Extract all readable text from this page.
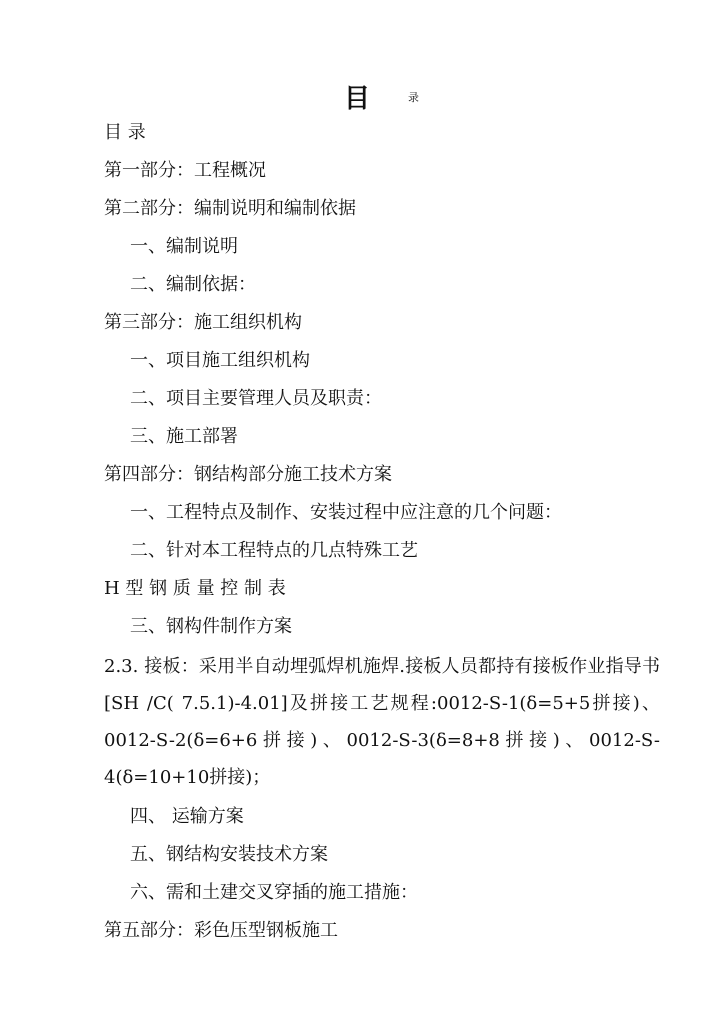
目	$^录$
目 录
第一部分：工程概况
第二部分：编制说明和编制依据
一、编制说明
二、编制依据：
第三部分：施工组织机构
一、项目施工组织机构
二、项目主要管理人员及职责：
三、施工部署
第四部分：钢结构部分施工技术方案
一、工程特点及制作、安装过程中应注意的几个问题：
二、针对本工程特点的几点特殊工艺
H 型 钢 质 量 控 制 表
三、钢构件制作方案
2.3. 接板：采用半自动埋弧焊机施焊.接板人员都持有接板作业指导书[SH /C( 7.5.1)-4.01]及拼接工艺规程:0012-S-1(δ=5+5拼接)、0012-S-2(δ=6+6拼接)、0012-S-3(δ=8+8拼接)、0012-S-4(δ=10+10拼接)；
四、 运输方案
五、钢结构安装技术方案
六、需和土建交叉穿插的施工措施：
第五部分：彩色压型钢板施工
